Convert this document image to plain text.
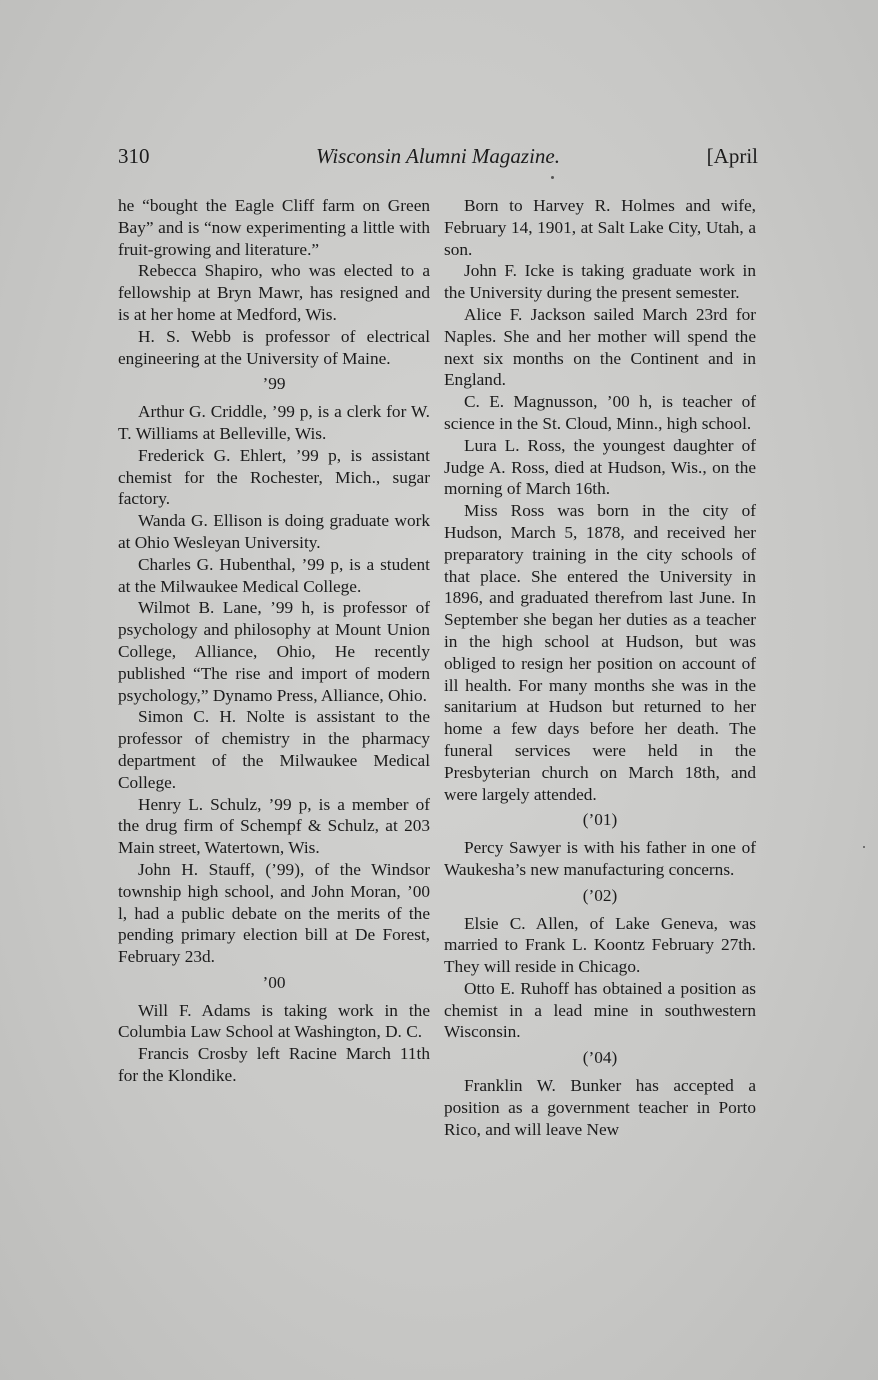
310	Wisconsin Alumni Magazine.	[April

he “bought the Eagle Cliff farm on Green Bay” and is “now experimenting a little with fruit-growing and literature.”

Rebecca Shapiro, who was elected to a fellowship at Bryn Mawr, has resigned and is at her home at Medford, Wis.

H. S. Webb is professor of electrical engineering at the University of Maine.

’99

Arthur G. Criddle, ’99 p, is a clerk for W. T. Williams at Belleville, Wis.

Frederick G. Ehlert, ’99 p, is assistant chemist for the Rochester, Mich., sugar factory.

Wanda G. Ellison is doing graduate work at Ohio Wesleyan University.

Charles G. Hubenthal, ’99 p, is a student at the Milwaukee Medical College.

Wilmot B. Lane, ’99 h, is professor of psychology and philosophy at Mount Union College, Alliance, Ohio, He recently published “The rise and import of modern psychology,” Dynamo Press, Alliance, Ohio.

Simon C. H. Nolte is assistant to the professor of chemistry in the pharmacy department of the Milwaukee Medical College.

Henry L. Schulz, ’99 p, is a member of the drug firm of Schempf & Schulz, at 203 Main street, Watertown, Wis.

John H. Stauff, (’99), of the Windsor township high school, and John Moran, ’00 l, had a public debate on the merits of the pending primary election bill at De Forest, February 23d.

’00

Will F. Adams is taking work in the Columbia Law School at Washington, D. C.

Francis Crosby left Racine March 11th for the Klondike.

Born to Harvey R. Holmes and wife, February 14, 1901, at Salt Lake City, Utah, a son.

John F. Icke is taking graduate work in the University during the present semester.

Alice F. Jackson sailed March 23rd for Naples. She and her mother will spend the next six months on the Continent and in England.

C. E. Magnusson, ’00 h, is teacher of science in the St. Cloud, Minn., high school.

Lura L. Ross, the youngest daughter of Judge A. Ross, died at Hudson, Wis., on the morning of March 16th.

Miss Ross was born in the city of Hudson, March 5, 1878, and received her preparatory training in the city schools of that place. She entered the University in 1896, and graduated therefrom last June. In September she began her duties as a teacher in the high school at Hudson, but was obliged to resign her position on account of ill health. For many months she was in the sanitarium at Hudson but returned to her home a few days before her death. The funeral services were held in the Presbyterian church on March 18th, and were largely attended.

(’01)

Percy Sawyer is with his father in one of Waukesha’s new manufacturing concerns.

(’02)

Elsie C. Allen, of Lake Geneva, was married to Frank L. Koontz February 27th. They will reside in Chicago.

Otto E. Ruhoff has obtained a position as chemist in a lead mine in southwestern Wisconsin.

(’04)

Franklin W. Bunker has accepted a position as a government teacher in Porto Rico, and will leave New
